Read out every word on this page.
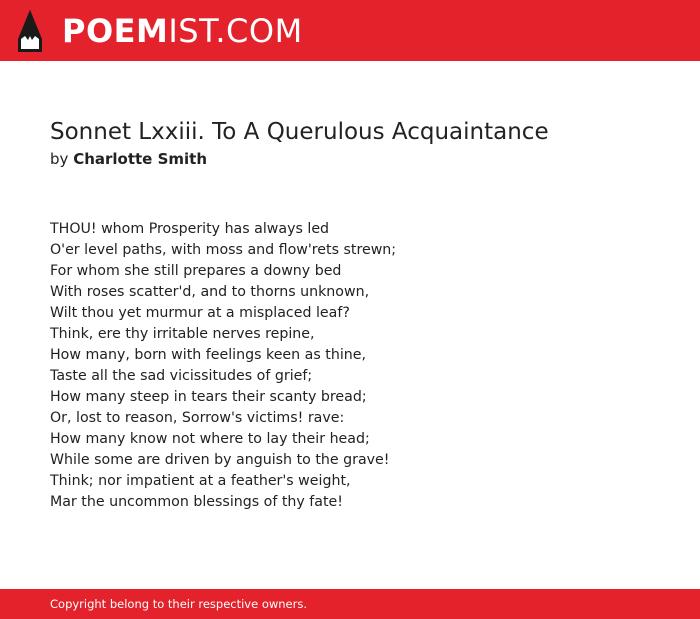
POEMIST.COM
Sonnet Lxxiii. To A Querulous Acquaintance
by Charlotte Smith
THOU! whom Prosperity has always led
O'er level paths, with moss and flow'rets strewn;
For whom she still prepares a downy bed
With roses scatter'd, and to thorns unknown,
Wilt thou yet murmur at a misplaced leaf?
Think, ere thy irritable nerves repine,
How many, born with feelings keen as thine,
Taste all the sad vicissitudes of grief;
How many steep in tears their scanty bread;
Or, lost to reason, Sorrow's victims! rave:
How many know not where to lay their head;
While some are driven by anguish to the grave!
Think; nor impatient at a feather's weight,
Mar the uncommon blessings of thy fate!
Copyright belong to their respective owners.
